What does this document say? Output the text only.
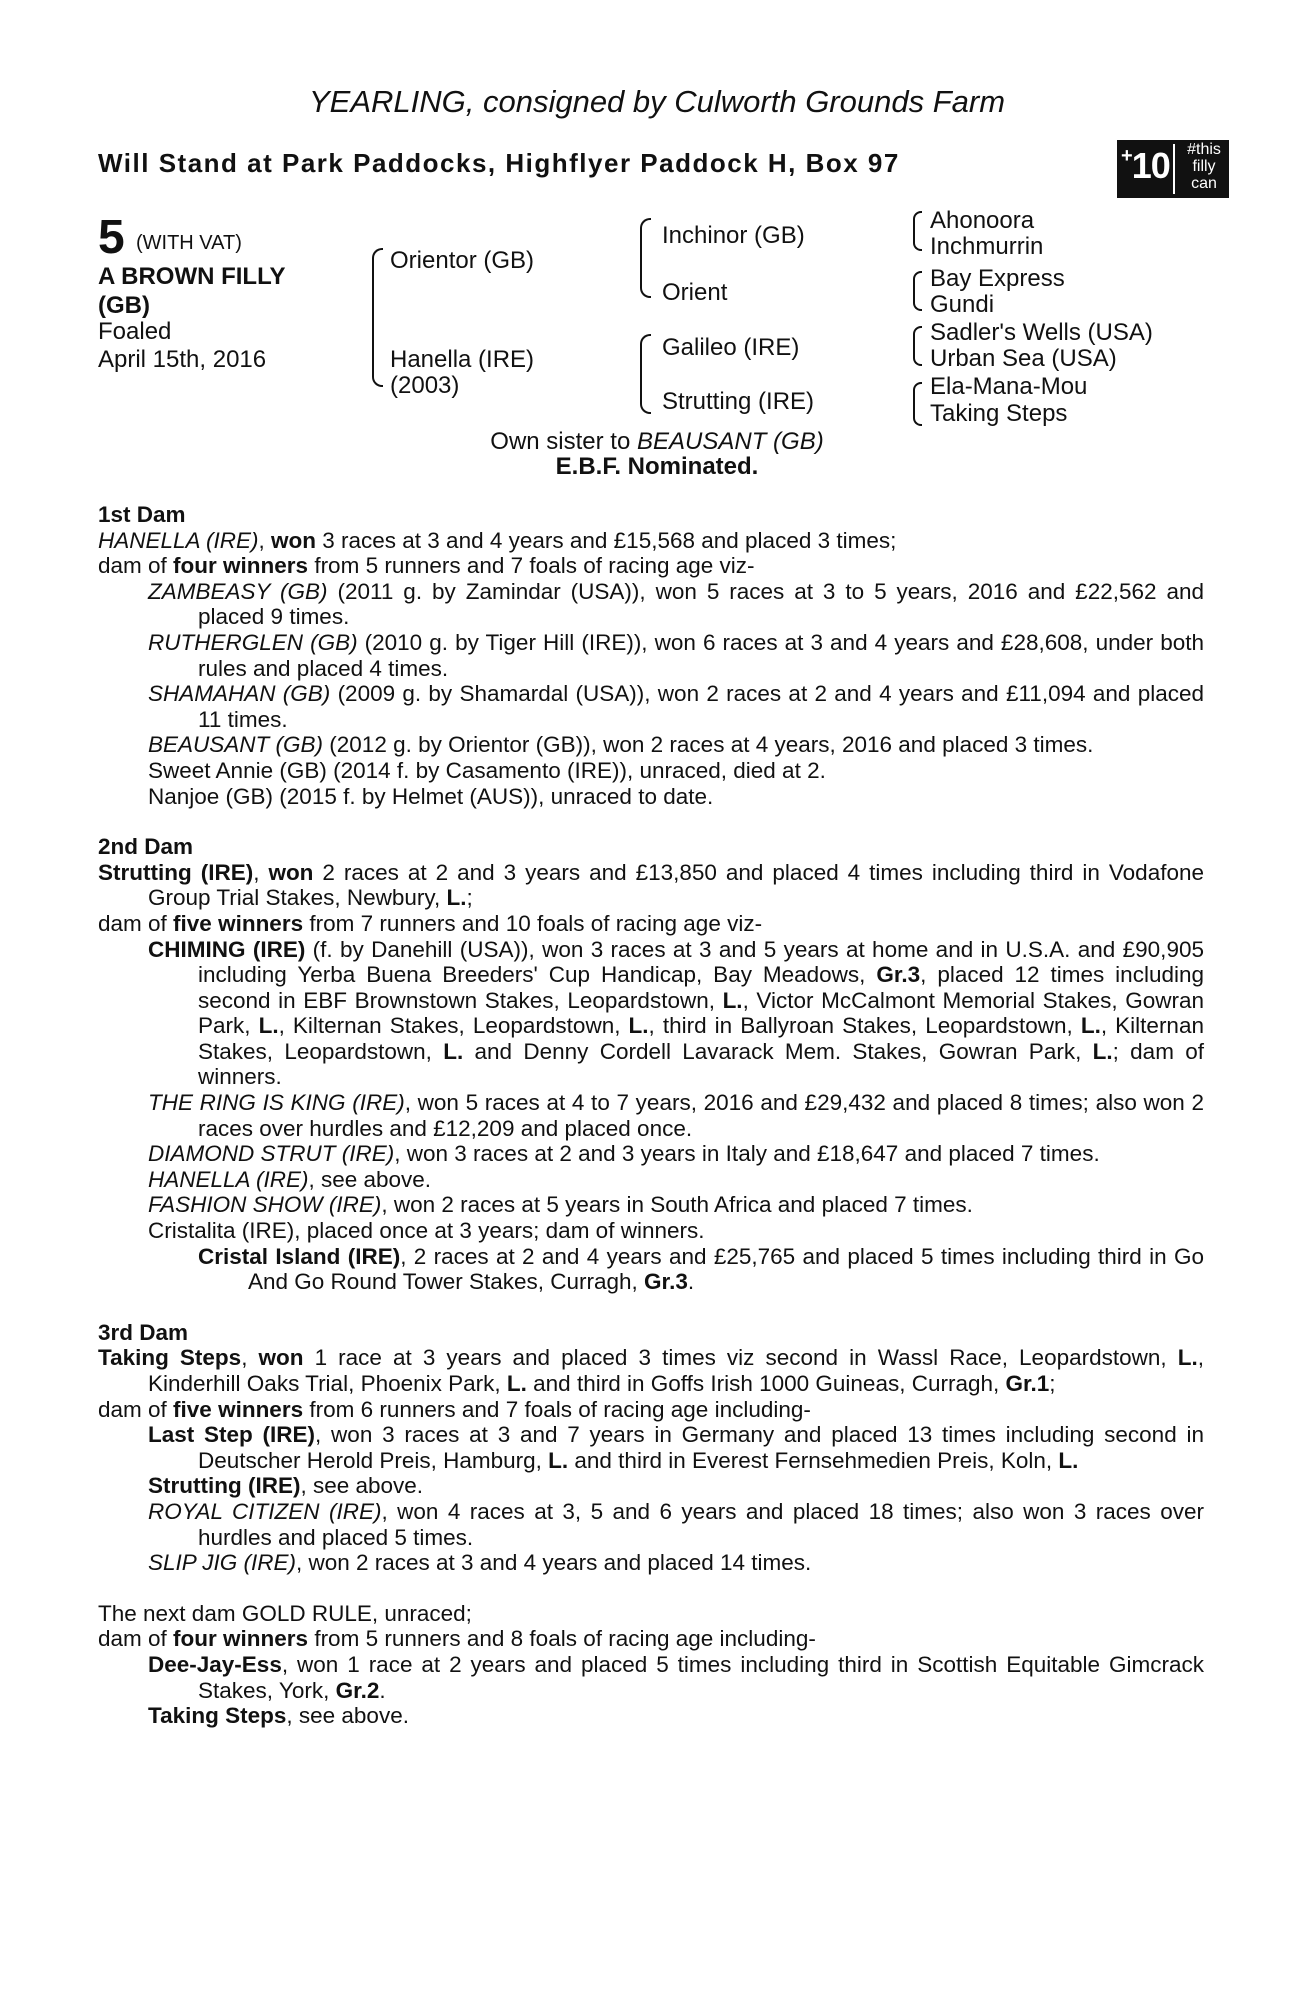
YEARLING, consigned by Culworth Grounds Farm
Will Stand at Park Paddocks, Highflyer Paddock H, Box 97	+10	#this
filly
can
5 (WITH VAT)
A BROWN FILLY (GB)
Foaled
April 15th, 2016
Orientor (GB)
Hanella (IRE)
(2003)
Inchinor (GB)
Orient
Galileo (IRE)
Strutting (IRE)
Ahonoora
Inchmurrin
Bay Express
Gundi
Sadler's Wells (USA)
Urban Sea (USA)
Ela-Mana-Mou
Taking Steps
Own sister to BEAUSANT (GB)
E.B.F. Nominated.

1st Dam

HANELLA (IRE), won 3 races at 3 and 4 years and £15,568 and placed 3 times;

dam of four winners from 5 runners and 7 foals of racing age viz-

ZAMBEASY (GB) (2011 g. by Zamindar (USA)), won 5 races at 3 to 5 years, 2016 and £22,562 and placed 9 times.

RUTHERGLEN (GB) (2010 g. by Tiger Hill (IRE)), won 6 races at 3 and 4 years and £28,608, under both rules and placed 4 times.

SHAMAHAN (GB) (2009 g. by Shamardal (USA)), won 2 races at 2 and 4 years and £11,094 and placed 11 times.

BEAUSANT (GB) (2012 g. by Orientor (GB)), won 2 races at 4 years, 2016 and placed 3 times.

Sweet Annie (GB) (2014 f. by Casamento (IRE)), unraced, died at 2.

Nanjoe (GB) (2015 f. by Helmet (AUS)), unraced to date.

2nd Dam

Strutting (IRE), won 2 races at 2 and 3 years and £13,850 and placed 4 times including third in Vodafone Group Trial Stakes, Newbury, L.;

dam of five winners from 7 runners and 10 foals of racing age viz-

CHIMING (IRE) (f. by Danehill (USA)), won 3 races at 3 and 5 years at home and in U.S.A. and £90,905 including Yerba Buena Breeders' Cup Handicap, Bay Meadows, Gr.3, placed 12 times including second in EBF Brownstown Stakes, Leopardstown, L., Victor McCalmont Memorial Stakes, Gowran Park, L., Kilternan Stakes, Leopardstown, L., third in Ballyroan Stakes, Leopardstown, L., Kilternan Stakes, Leopardstown, L. and Denny Cordell Lavarack Mem. Stakes, Gowran Park, L.; dam of winners.

THE RING IS KING (IRE), won 5 races at 4 to 7 years, 2016 and £29,432 and placed 8 times; also won 2 races over hurdles and £12,209 and placed once.

DIAMOND STRUT (IRE), won 3 races at 2 and 3 years in Italy and £18,647 and placed 7 times.

HANELLA (IRE), see above.

FASHION SHOW (IRE), won 2 races at 5 years in South Africa and placed 7 times.

Cristalita (IRE), placed once at 3 years; dam of winners.

Cristal Island (IRE), 2 races at 2 and 4 years and £25,765 and placed 5 times including third in Go And Go Round Tower Stakes, Curragh, Gr.3.

3rd Dam

Taking Steps, won 1 race at 3 years and placed 3 times viz second in Wassl Race, Leopardstown, L., Kinderhill Oaks Trial, Phoenix Park, L. and third in Goffs Irish 1000 Guineas, Curragh, Gr.1;

dam of five winners from 6 runners and 7 foals of racing age including-

Last Step (IRE), won 3 races at 3 and 7 years in Germany and placed 13 times including second in Deutscher Herold Preis, Hamburg, L. and third in Everest Fernsehmedien Preis, Koln, L.

Strutting (IRE), see above.

ROYAL CITIZEN (IRE), won 4 races at 3, 5 and 6 years and placed 18 times; also won 3 races over hurdles and placed 5 times.

SLIP JIG (IRE), won 2 races at 3 and 4 years and placed 14 times.

The next dam GOLD RULE, unraced;

dam of four winners from 5 runners and 8 foals of racing age including-

Dee-Jay-Ess, won 1 race at 2 years and placed 5 times including third in Scottish Equitable Gimcrack Stakes, York, Gr.2.

Taking Steps, see above.
